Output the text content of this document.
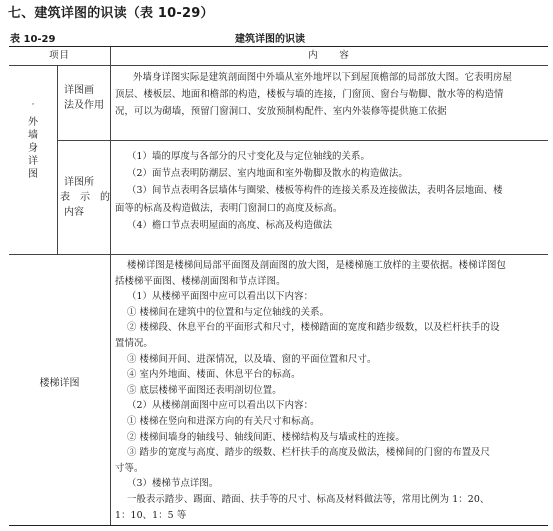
七、建筑详图的识读（表 10-29）
表 10-29	建筑详图的识读
项目	内　　容
·
外
墙
身
详
图
详图画
法及作用
外墙身详图实际是建筑剖面图中外墙从室外地坪以下到屋顶檐部的局部放大图。它表明房屋
顶层、楼板层、地面和檐部的构造，楼板与墙的连接，门窗顶、窗台与勒脚、散水等的构造情
况，可以为砌墙，预留门窗洞口、安放预制构配件、室内外装修等提供施工依据
详图所
表　示　的
内容
（1）墙的厚度与各部分的尺寸变化及与定位轴线的关系。
（2）面节点表明防潮层、室内地面和室外勒脚及散水的构造做法。
（3）间节点表明各层墙体与圈梁、楼板等构件的连接关系及连接做法，表明各层地面、楼
面等的标高及构造做法，表明门窗洞口的高度及标高。
（4）檐口节点表明屋面的高度、标高及构造做法
楼梯详图
楼梯详图是楼梯间局部平面图及剖面图的放大图，是楼梯施工放样的主要依据。楼梯详图包
括楼梯平面图、楼梯剖面图和节点详图。
（1）从楼梯平面图中应可以看出以下内容：
① 楼梯间在建筑中的位置和与定位轴线的关系。
② 楼梯段、休息平台的平面形式和尺寸，楼梯踏面的宽度和踏步级数，以及栏杆扶手的设
置情况。
③ 楼梯间开间、进深情况，以及墙、窗的平面位置和尺寸。
④ 室内外地面、楼面、休息平台的标高。
⑤ 底层楼梯平面图还表明剖切位置。
（2）从楼梯剖面图中应可以看出以下内容：
① 楼梯在竖向和进深方向的有关尺寸和标高。
② 楼梯间墙身的轴线号、轴线间距、楼梯结构及与墙或柱的连接。
③ 踏步的宽度与高度、踏步的级数、栏杆扶手的高度及做法，楼梯间的门窗的布置及尺
寸等。
（3）楼梯节点详图。
一般表示踏步、踢面、踏面、扶手等的尺寸、标高及材料做法等，常用比例为 1：20、
1：10、1：5 等
